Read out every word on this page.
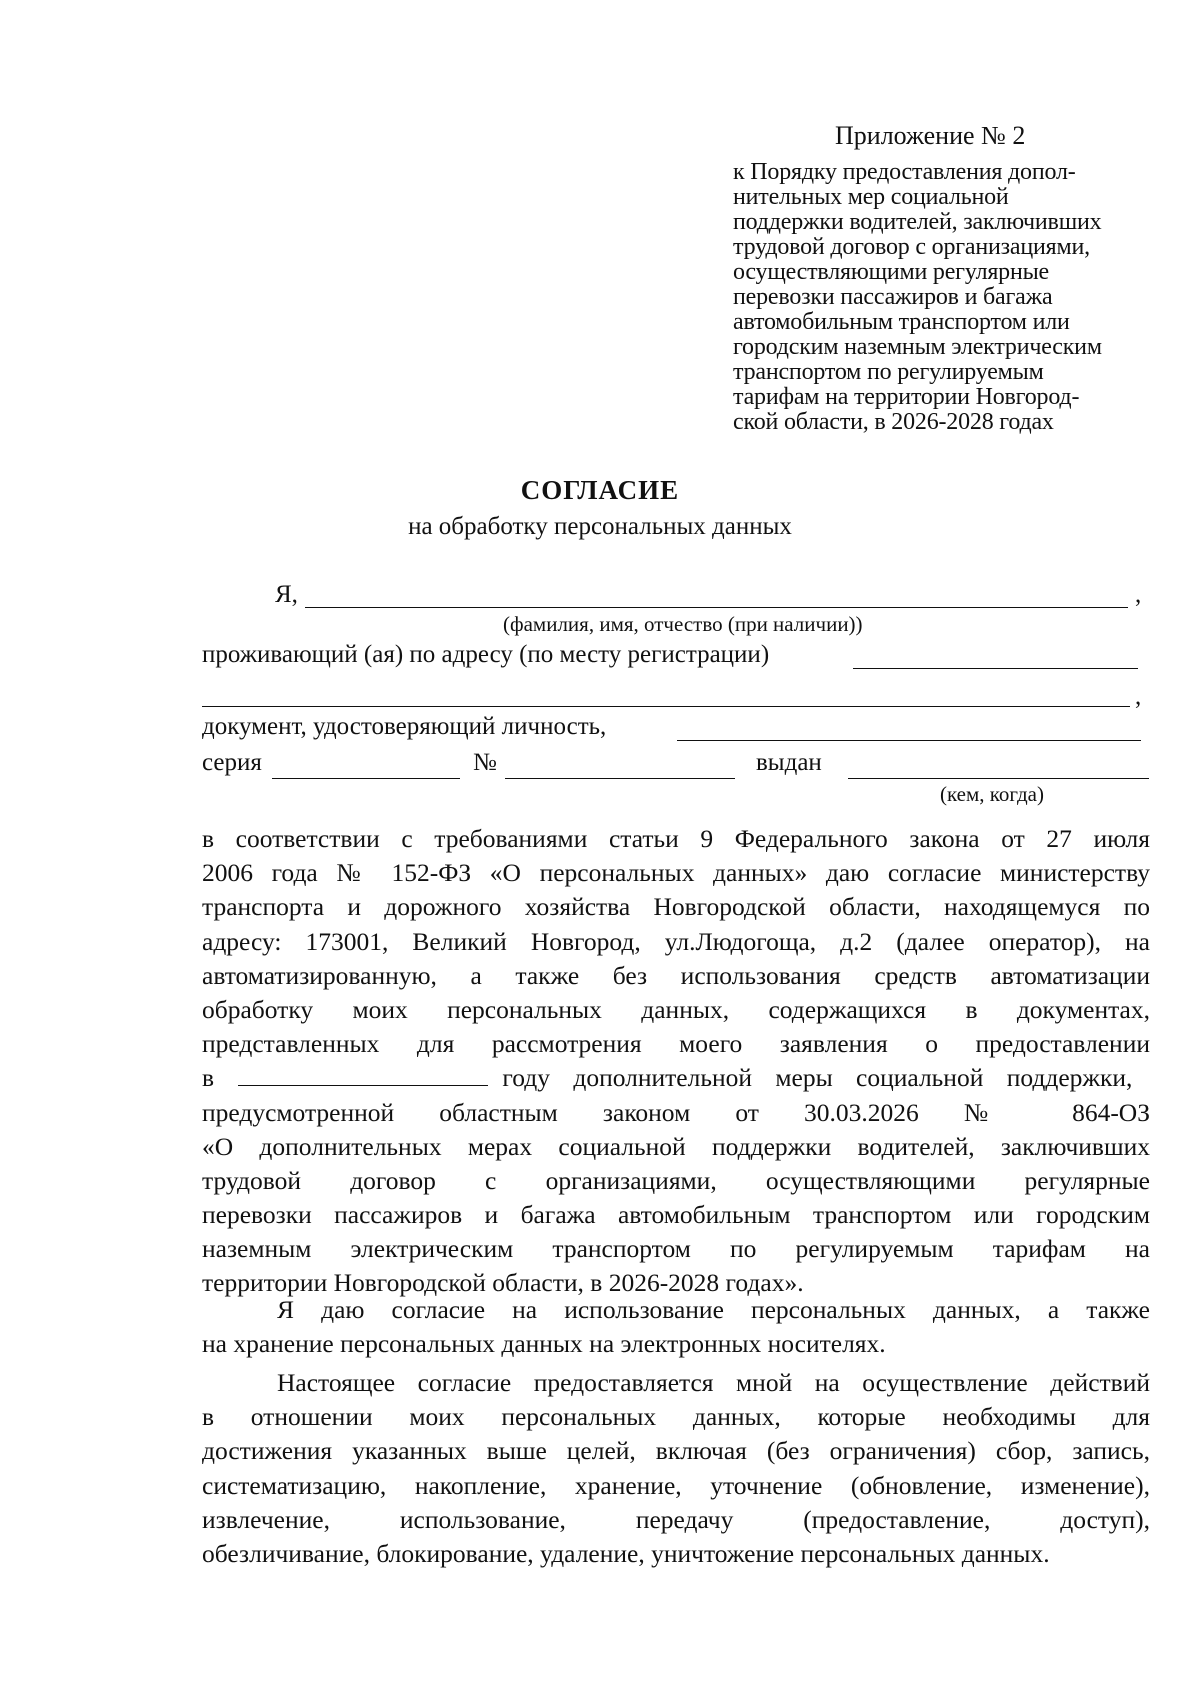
Приложение № 2
к Порядку предоставления допол-
нительных мер социальной
поддержки водителей, заключивших
трудовой договор с организациями,
осуществляющими регулярные
перевозки пассажиров и багажа
автомобильным транспортом или
городским наземным электрическим
транспортом по регулируемым
тарифам на территории Новгород-
ской области, в 2026-2028 годах
СОГЛАСИЕ
на обработку персональных данных
Я,	,
(фамилия, имя, отчество (при наличии))
проживающий (ая) по адресу (по месту регистрации)
,
документ, удостоверяющий личность,
серия	№	выдан
(кем, когда)
в соответствии с требованиями статьи 9 Федерального закона от 27 июля
2006 года № 152-ФЗ «О персональных данных» даю согласие министерству
транспорта и дорожного хозяйства Новгородской области, находящемуся по
адресу: 173001, Великий Новгород, ул.Людогоща, д.2 (далее оператор), на
автоматизированную, а также без использования средств автоматизации
обработку моих персональных данных, содержащихся в документах,
представленных для рассмотрения моего заявления о предоставлении
в	году дополнительной меры социальной поддержки,
предусмотренной областным законом от 30.03.2026 № 864-ОЗ
«О дополнительных мерах социальной поддержки водителей, заключивших
трудовой договор с организациями, осуществляющими регулярные
перевозки пассажиров и багажа автомобильным транспортом или городским
наземным электрическим транспортом по регулируемым тарифам на
территории Новгородской области, в 2026-2028 годах».
Я даю согласие на использование персональных данных, а также
на хранение персональных данных на электронных носителях.
Настоящее согласие предоставляется мной на осуществление действий
в отношении моих персональных данных, которые необходимы для
достижения указанных выше целей, включая (без ограничения) сбор, запись,
систематизацию, накопление, хранение, уточнение (обновление, изменение),
извлечение, использование, передачу (предоставление, доступ),
обезличивание, блокирование, удаление, уничтожение персональных данных.
